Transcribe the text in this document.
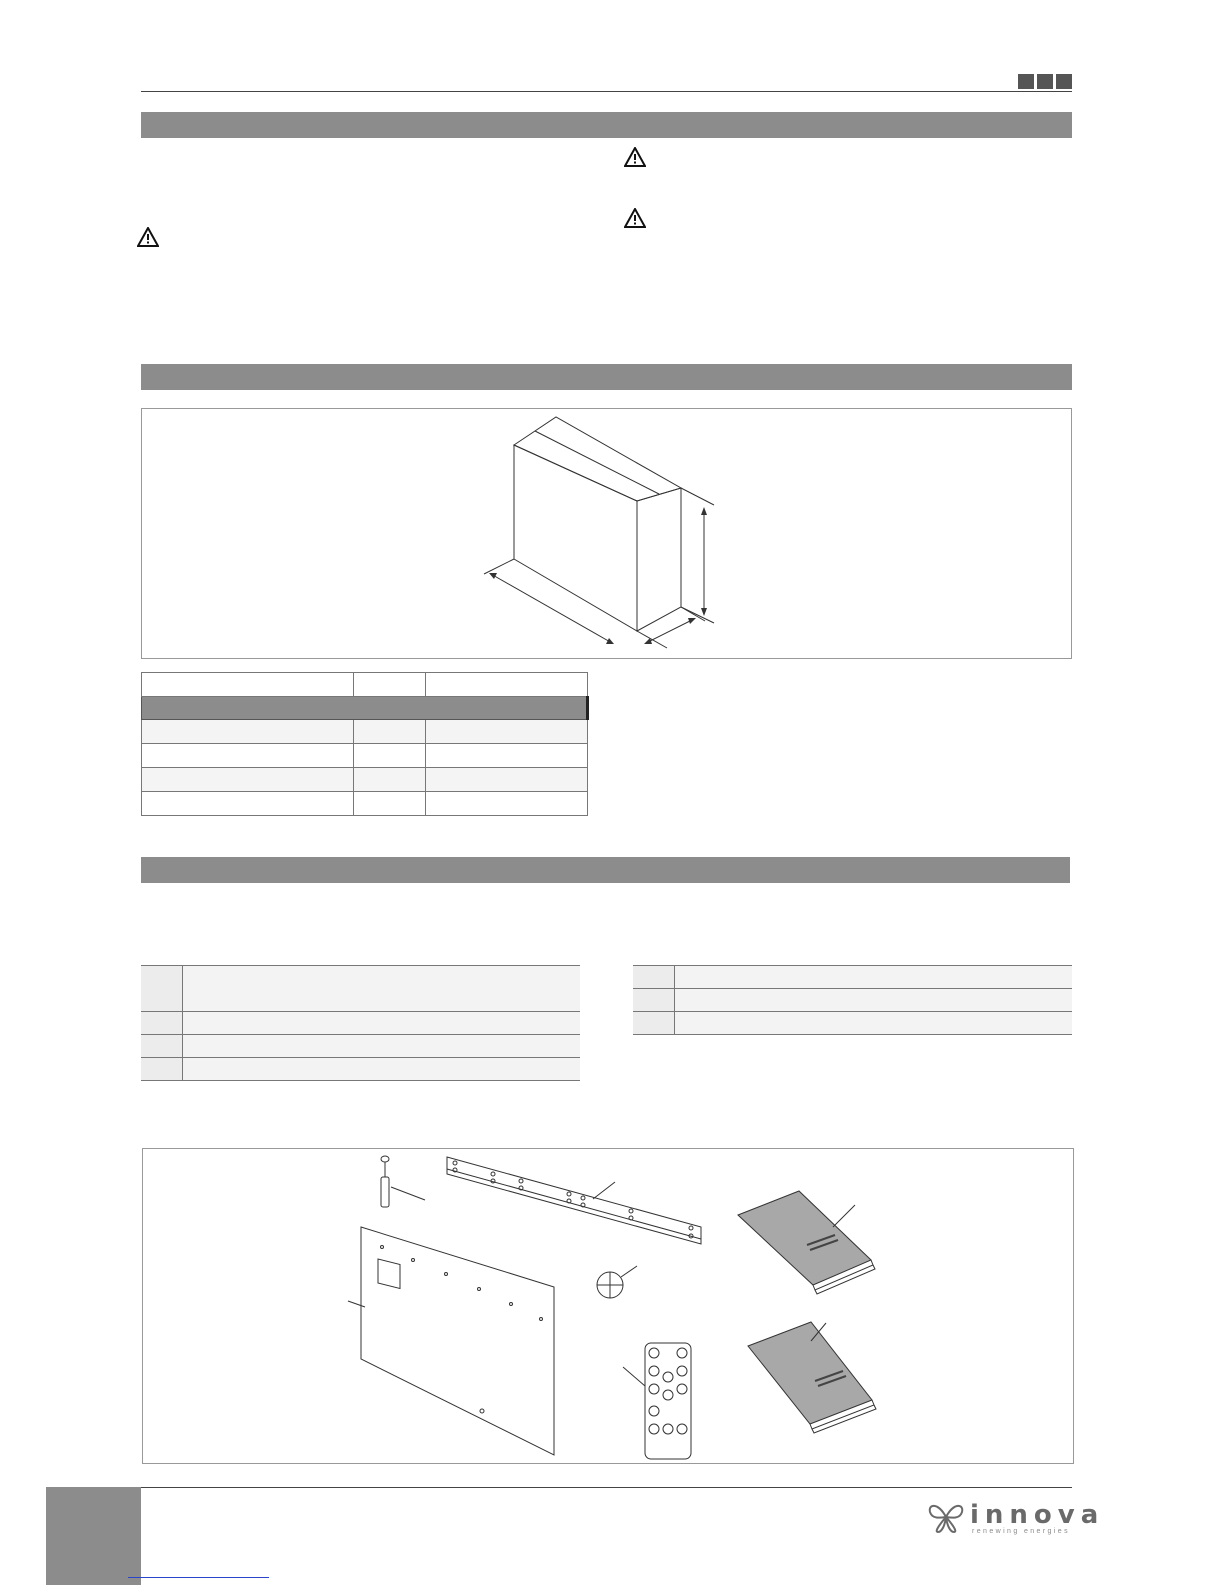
innova
renewing energies
